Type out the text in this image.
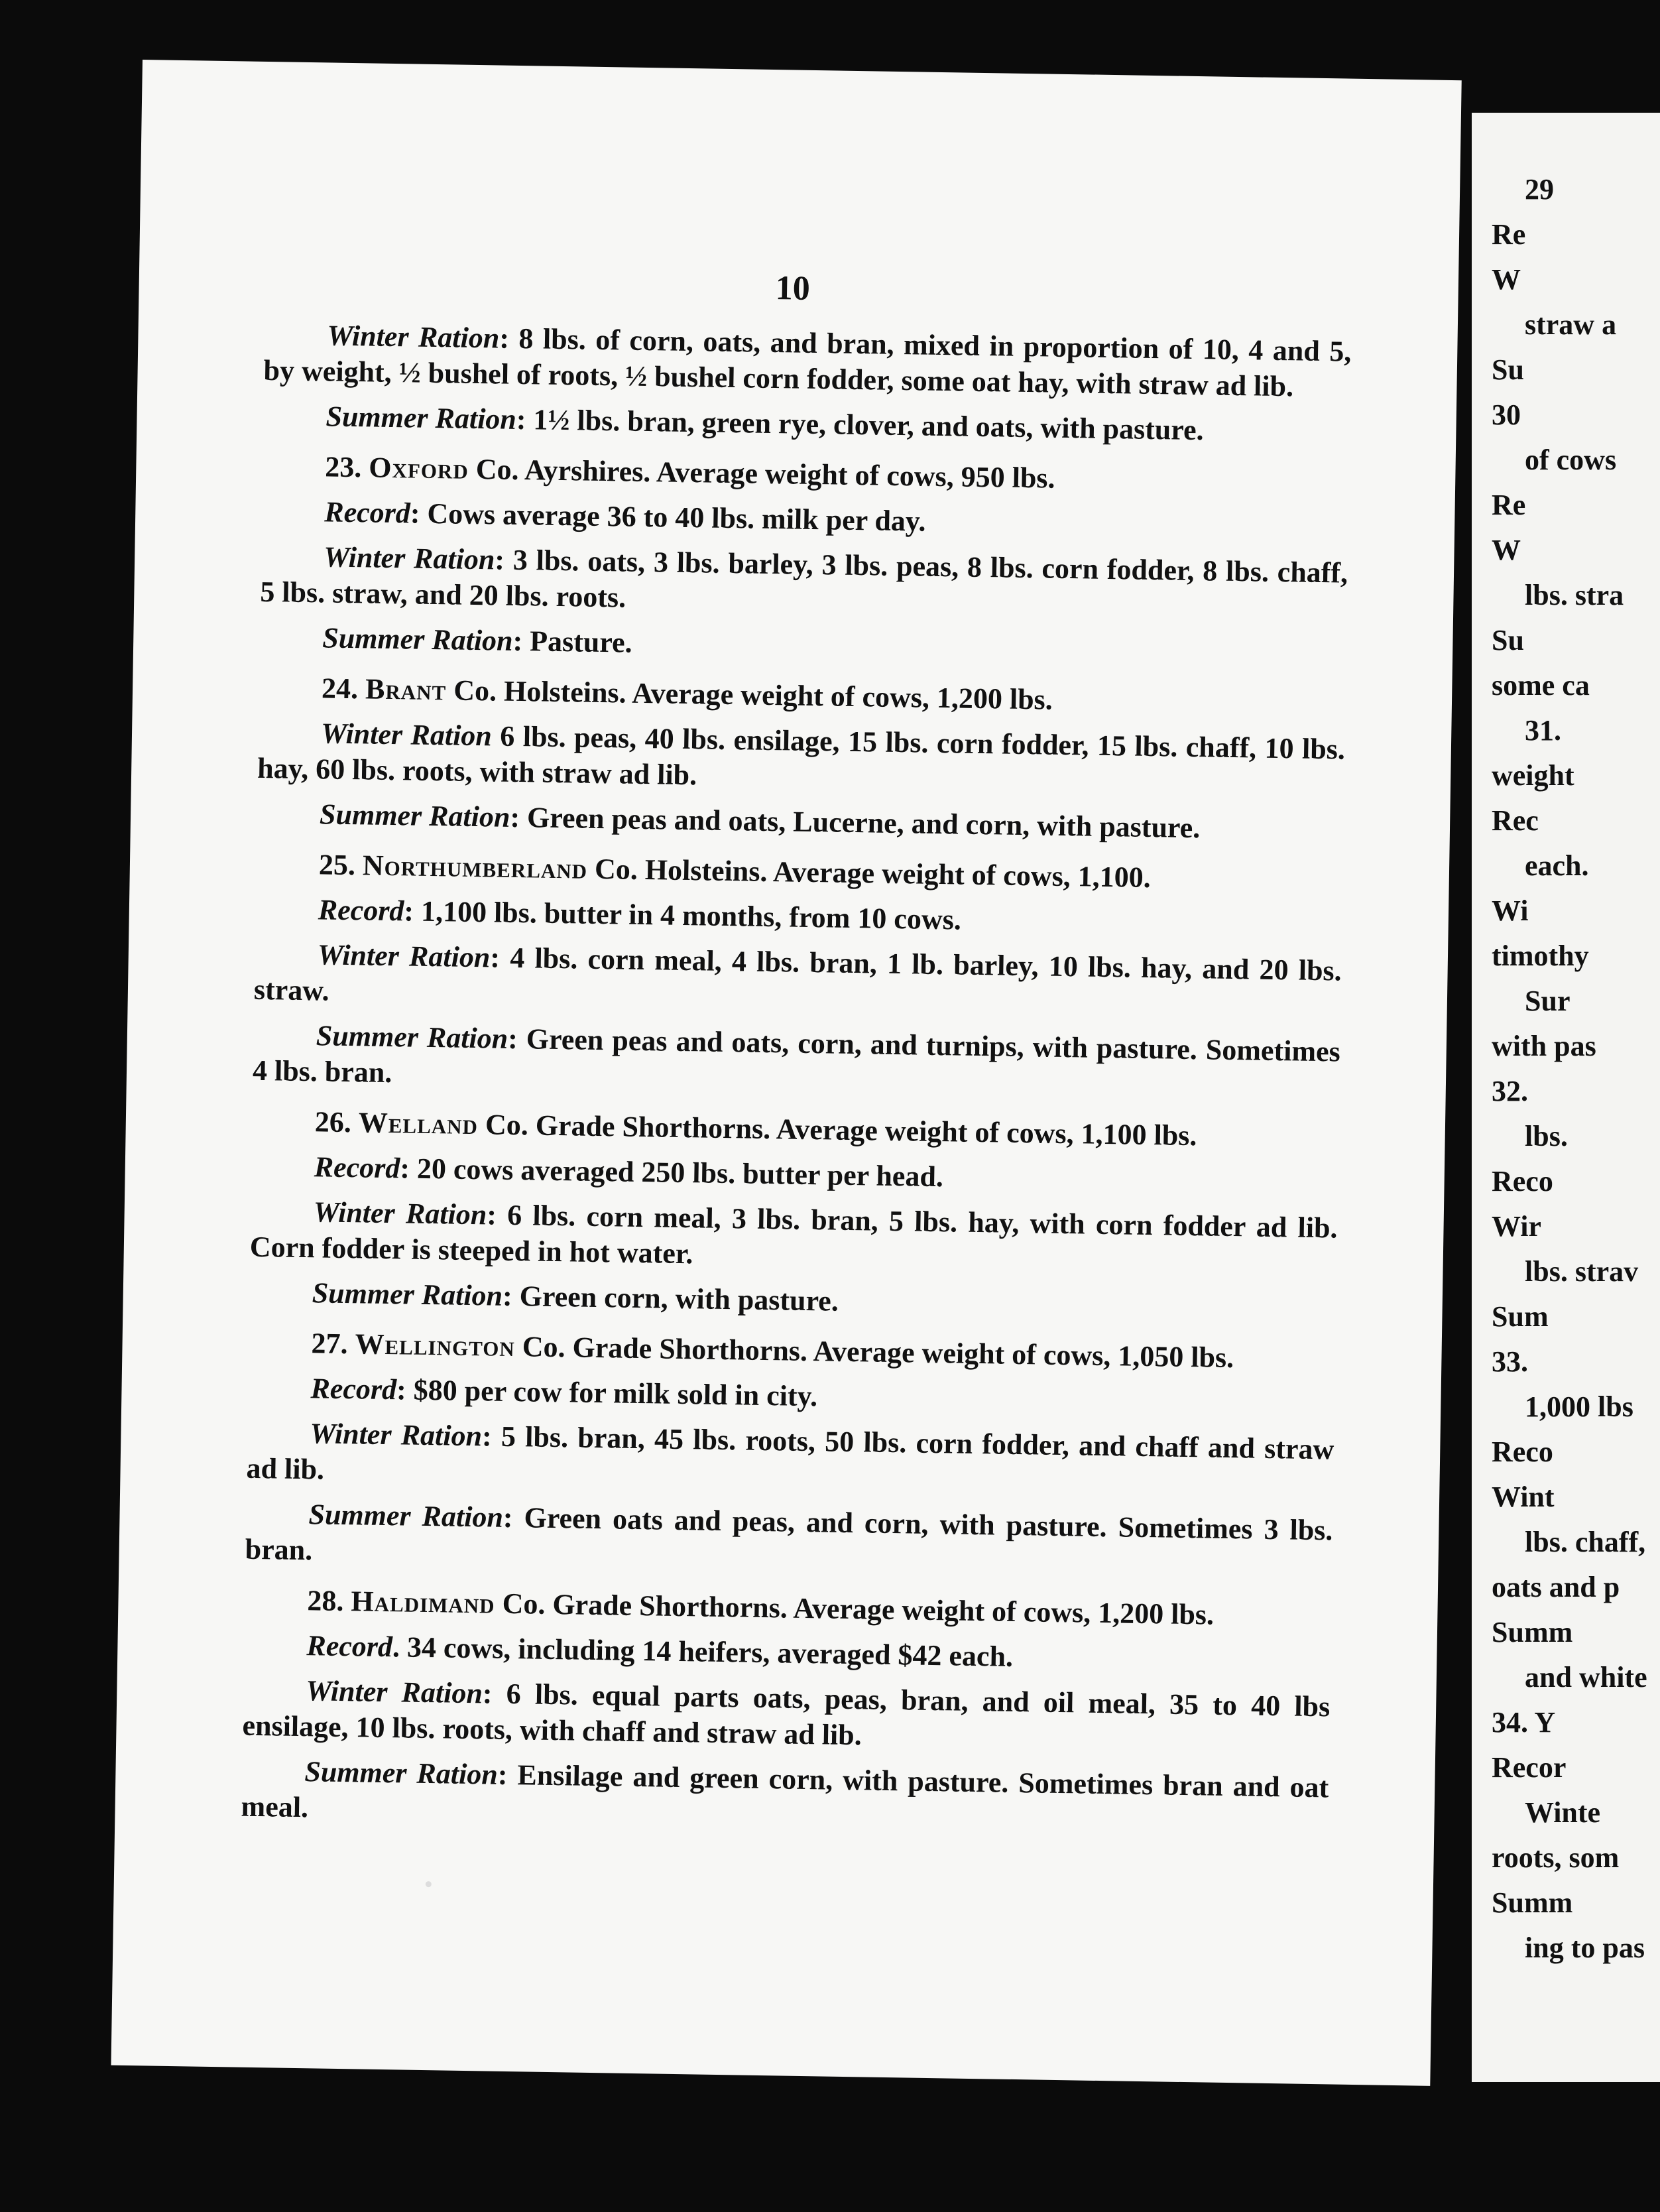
10

Winter Ration: 8 lbs. of corn, oats, and bran, mixed in proportion of 10, 4 and 5, by weight, ½ bushel of roots, ½ bushel corn fodder, some oat hay, with straw ad lib.

Summer Ration: 1½ lbs. bran, green rye, clover, and oats, with pasture.

23. Oxford Co. Ayrshires. Average weight of cows, 950 lbs.

Record: Cows average 36 to 40 lbs. milk per day.

Winter Ration: 3 lbs. oats, 3 lbs. barley, 3 lbs. peas, 8 lbs. corn fodder, 8 lbs. chaff, 5 lbs. straw, and 20 lbs. roots.

Summer Ration: Pasture.

24. Brant Co. Holsteins. Average weight of cows, 1,200 lbs.

Winter Ration 6 lbs. peas, 40 lbs. ensilage, 15 lbs. corn fodder, 15 lbs. chaff, 10 lbs. hay, 60 lbs. roots, with straw ad lib.

Summer Ration: Green peas and oats, Lucerne, and corn, with pasture.

25. Northumberland Co. Holsteins. Average weight of cows, 1,100.

Record: 1,100 lbs. butter in 4 months, from 10 cows.

Winter Ration: 4 lbs. corn meal, 4 lbs. bran, 1 lb. barley, 10 lbs. hay, and 20 lbs. straw.

Summer Ration: Green peas and oats, corn, and turnips, with pasture. Sometimes 4 lbs. bran.

26. Welland Co. Grade Shorthorns. Average weight of cows, 1,100 lbs.

Record: 20 cows averaged 250 lbs. butter per head.

Winter Ration: 6 lbs. corn meal, 3 lbs. bran, 5 lbs. hay, with corn fodder ad lib. Corn fodder is steeped in hot water.

Summer Ration: Green corn, with pasture.

27. Wellington Co. Grade Shorthorns. Average weight of cows, 1,050 lbs.

Record: $80 per cow for milk sold in city.

Winter Ration: 5 lbs. bran, 45 lbs. roots, 50 lbs. corn fodder, and chaff and straw ad lib.

Summer Ration: Green oats and peas, and corn, with pasture. Sometimes 3 lbs. bran.

28. Haldimand Co. Grade Shorthorns. Average weight of cows, 1,200 lbs.

Record. 34 cows, including 14 heifers, averaged $42 each.

Winter Ration: 6 lbs. equal parts oats, peas, bran, and oil meal, 35 to 40 lbs ensilage, 10 lbs. roots, with chaff and straw ad lib.

Summer Ration: Ensilage and green corn, with pasture. Sometimes bran and oat meal.

29
Re
W
straw a
Su
30
of cows
Re
W
lbs. stra
Su
some ca
31.
weight
Rec
each.
Wi
timothy
Sur
with pas
32.
lbs.
Reco
Wir
lbs. strav
Sum
33.
1,000 lbs
Reco
Wint
lbs. chaff,
oats and p
Summ
and white
34. Y
Recor
Winte
roots, som
Summ
ing to pas
